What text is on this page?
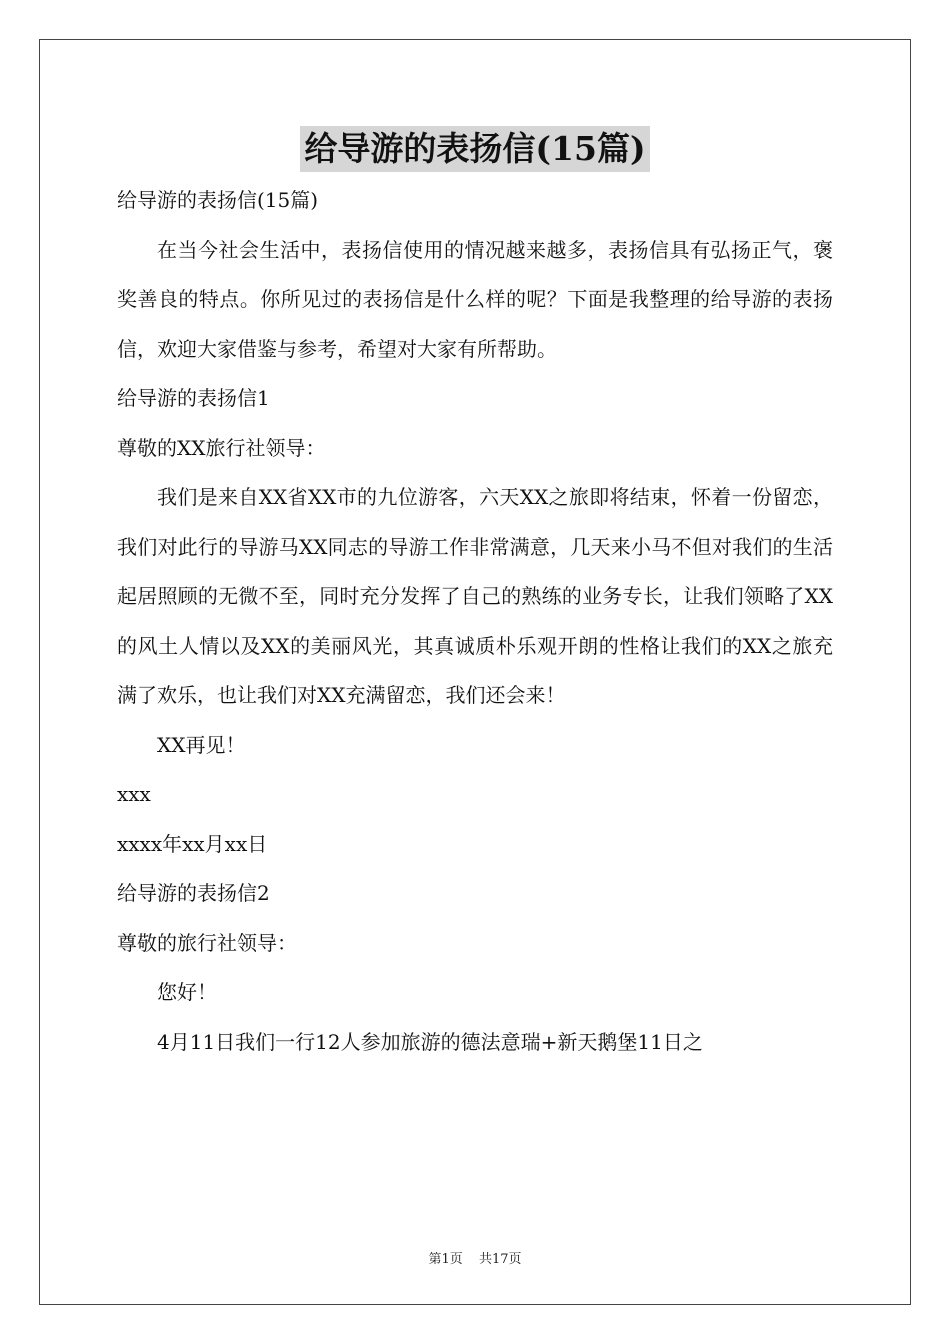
给导游的表扬信(15篇)

给导游的表扬信(15篇)

在当今社会生活中，表扬信使用的情况越来越多，表扬信具有弘扬正气，褒奖善良的特点。你所见过的表扬信是什么样的呢？下面是我整理的给导游的表扬信，欢迎大家借鉴与参考，希望对大家有所帮助。

给导游的表扬信1

尊敬的XX旅行社领导：

我们是来自XX省XX市的九位游客，六天XX之旅即将结束，怀着一份留恋，我们对此行的导游马XX同志的导游工作非常满意，几天来小马不但对我们的生活起居照顾的无微不至，同时充分发挥了自己的熟练的业务专长，让我们领略了XX的风土人情以及XX的美丽风光，其真诚质朴乐观开朗的性格让我们的XX之旅充满了欢乐，也让我们对XX充满留恋，我们还会来！

XX再见！

xxx

xxxx年xx月xx日

给导游的表扬信2

尊敬的旅行社领导：

您好！

4月11日我们一行12人参加旅游的德法意瑞+新天鹅堡11日之

第1页 共17页
